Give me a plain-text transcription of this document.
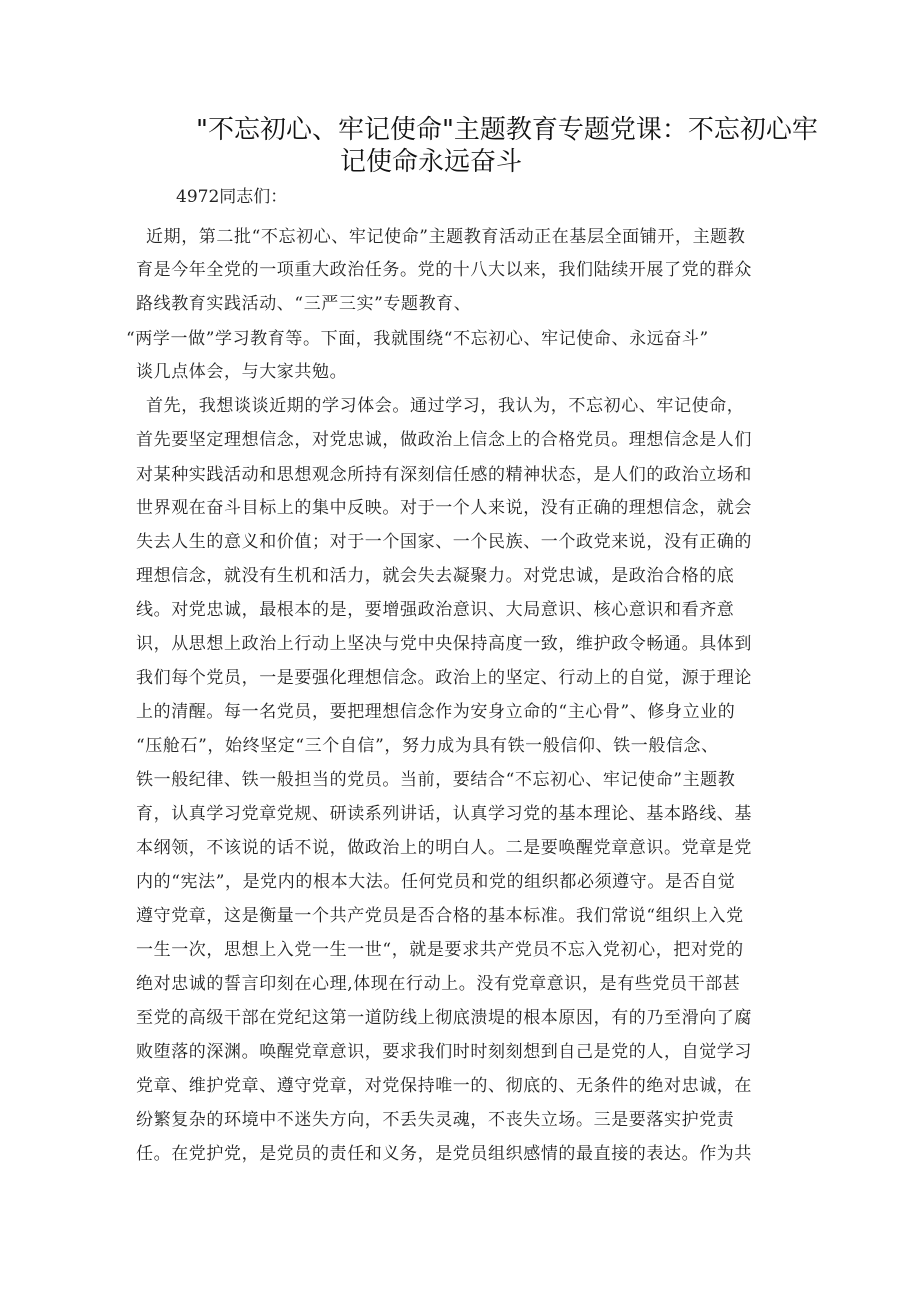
"不忘初心、牢记使命"主题教育专题党课：不忘初心牢
记使命永远奋斗
4972同志们：
近期，第二批“不忘初心、牢记使命”主题教育活动正在基层全面铺开，主题教
育是今年全党的一项重大政治任务。党的十八大以来，我们陆续开展了党的群众
路线教育实践活动、“三严三实”专题教育、
“两学一做”学习教育等。下面，我就围绕“不忘初心、牢记使命、永远奋斗”
谈几点体会，与大家共勉。
首先，我想谈谈近期的学习体会。通过学习，我认为，不忘初心、牢记使命，
首先要坚定理想信念，对党忠诚，做政治上信念上的合格党员。理想信念是人们
对某种实践活动和思想观念所持有深刻信任感的精神状态，是人们的政治立场和
世界观在奋斗目标上的集中反映。对于一个人来说，没有正确的理想信念，就会
失去人生的意义和价值；对于一个国家、一个民族、一个政党来说，没有正确的
理想信念，就没有生机和活力，就会失去凝聚力。对党忠诚，是政治合格的底
线。对党忠诚，最根本的是，要增强政治意识、大局意识、核心意识和看齐意
识，从思想上政治上行动上坚决与党中央保持高度一致，维护政令畅通。具体到
我们每个党员，一是要强化理想信念。政治上的坚定、行动上的自觉，源于理论
上的清醒。每一名党员，要把理想信念作为安身立命的“主心骨”、修身立业的
“压舱石”，始终坚定“三个自信”，努力成为具有铁一般信仰、铁一般信念、
铁一般纪律、铁一般担当的党员。当前，要结合“不忘初心、牢记使命”主题教
育，认真学习党章党规、研读系列讲话，认真学习党的基本理论、基本路线、基
本纲领，不该说的话不说，做政治上的明白人。二是要唤醒党章意识。党章是党
内的“宪法”，是党内的根本大法。任何党员和党的组织都必须遵守。是否自觉
遵守党章，这是衡量一个共产党员是否合格的基本标准。我们常说“组织上入党
一生一次，思想上入党一生一世“，就是要求共产党员不忘入党初心，把对党的
绝对忠诚的誓言印刻在心理,体现在行动上。没有党章意识，是有些党员干部甚
至党的高级干部在党纪这第一道防线上彻底溃堤的根本原因，有的乃至滑向了腐
败堕落的深渊。唤醒党章意识，要求我们时时刻刻想到自己是党的人，自觉学习
党章、维护党章、遵守党章，对党保持唯一的、彻底的、无条件的绝对忠诚，在
纷繁复杂的环境中不迷失方向，不丢失灵魂，不丧失立场。三是要落实护党责
任。在党护党，是党员的责任和义务，是党员组织感情的最直接的表达。作为共
